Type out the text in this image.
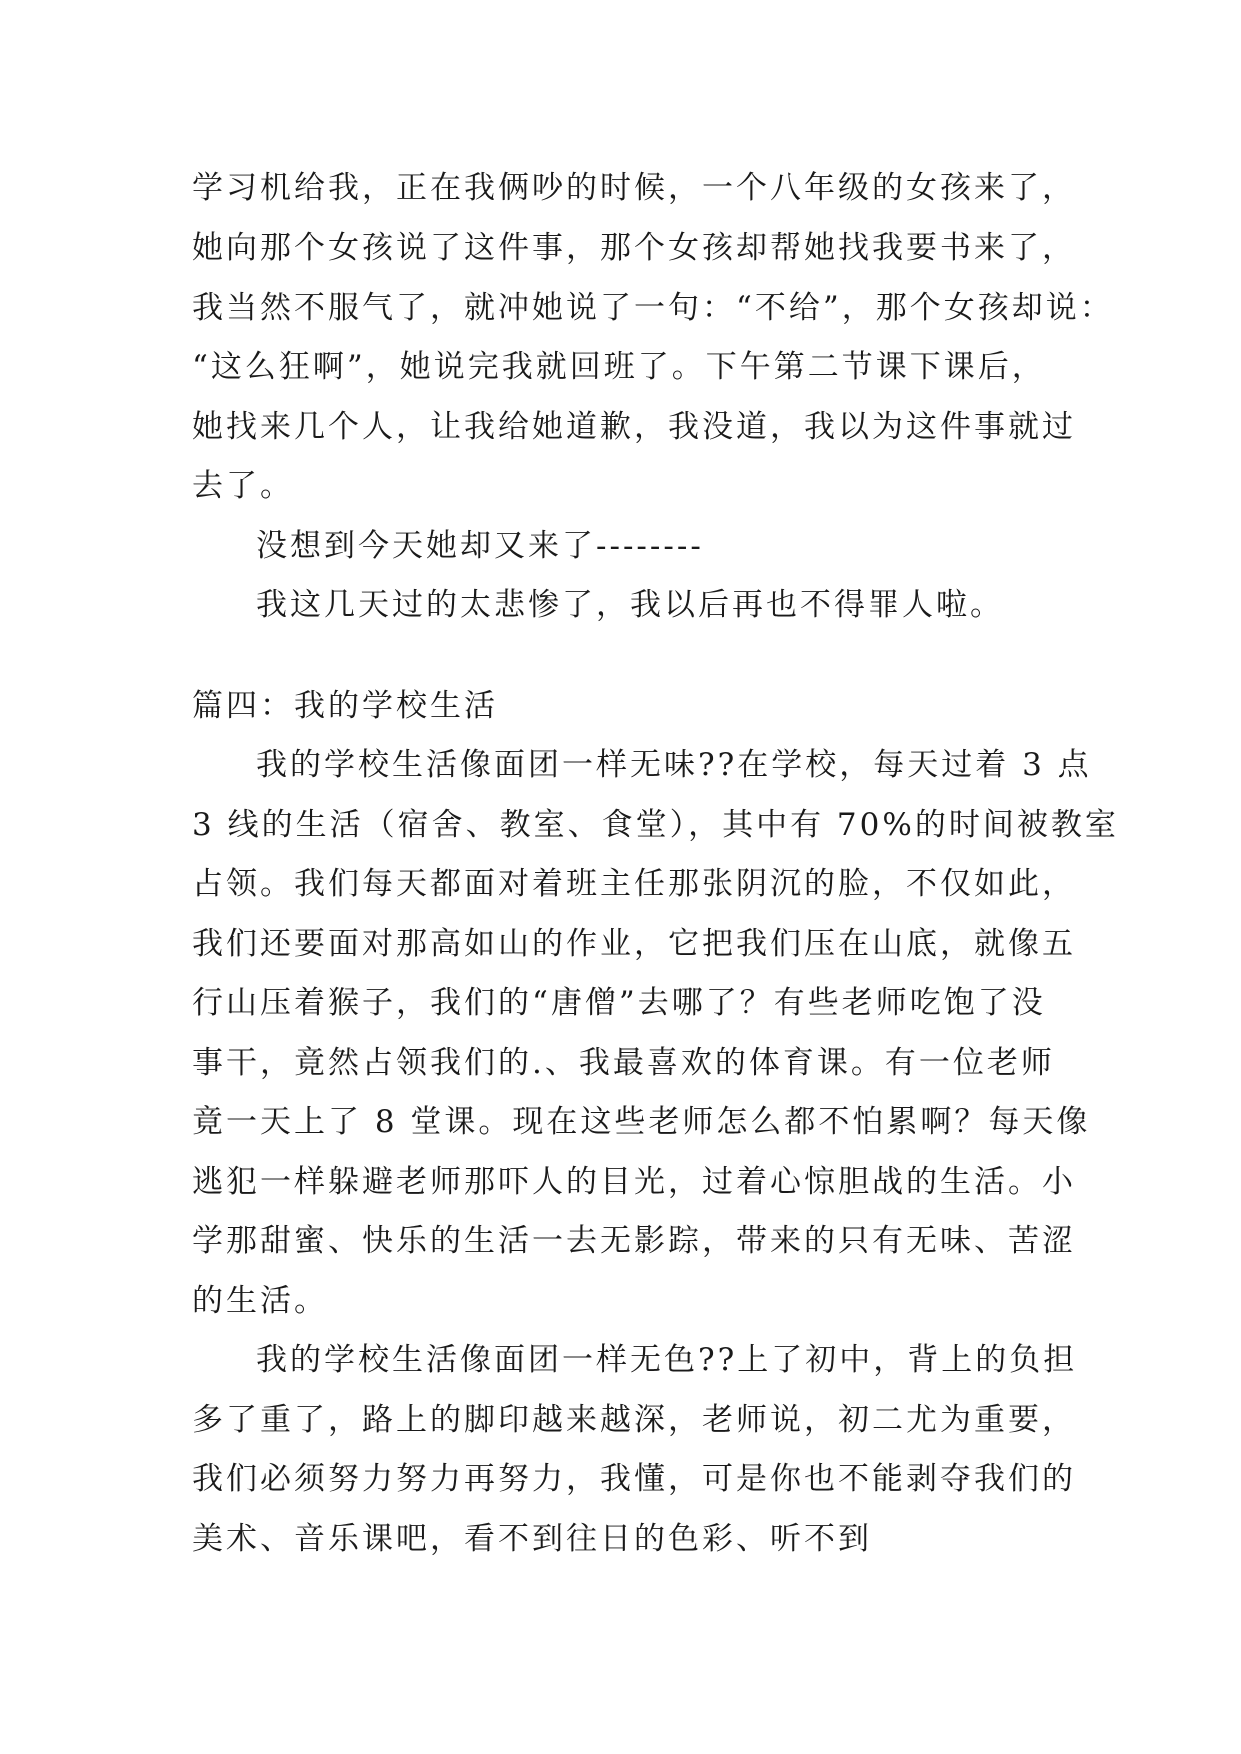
学习机给我，正在我俩吵的时候，一个八年级的女孩来了，
她向那个女孩说了这件事，那个女孩却帮她找我要书来了，
我当然不服气了，就冲她说了一句：“不给”，那个女孩却说：
“这么狂啊”，她说完我就回班了。下午第二节课下课后，
她找来几个人，让我给她道歉，我没道，我以为这件事就过
去了。
没想到今天她却又来了--------
我这几天过的太悲惨了，我以后再也不得罪人啦。
篇四：我的学校生活
我的学校生活像面团一样无味??在学校，每天过着 3 点
3 线的生活（宿舍、教室、食堂），其中有 70%的时间被教室
占领。我们每天都面对着班主任那张阴沉的脸，不仅如此，
我们还要面对那高如山的作业，它把我们压在山底，就像五
行山压着猴子，我们的“唐僧”去哪了？有些老师吃饱了没
事干，竟然占领我们的.、我最喜欢的体育课。有一位老师
竟一天上了 8 堂课。现在这些老师怎么都不怕累啊？每天像
逃犯一样躲避老师那吓人的目光，过着心惊胆战的生活。小
学那甜蜜、快乐的生活一去无影踪，带来的只有无味、苦涩
的生活。
我的学校生活像面团一样无色??上了初中，背上的负担
多了重了，路上的脚印越来越深，老师说，初二尤为重要，
我们必须努力努力再努力，我懂，可是你也不能剥夺我们的
美术、音乐课吧，看不到往日的色彩、听不到
